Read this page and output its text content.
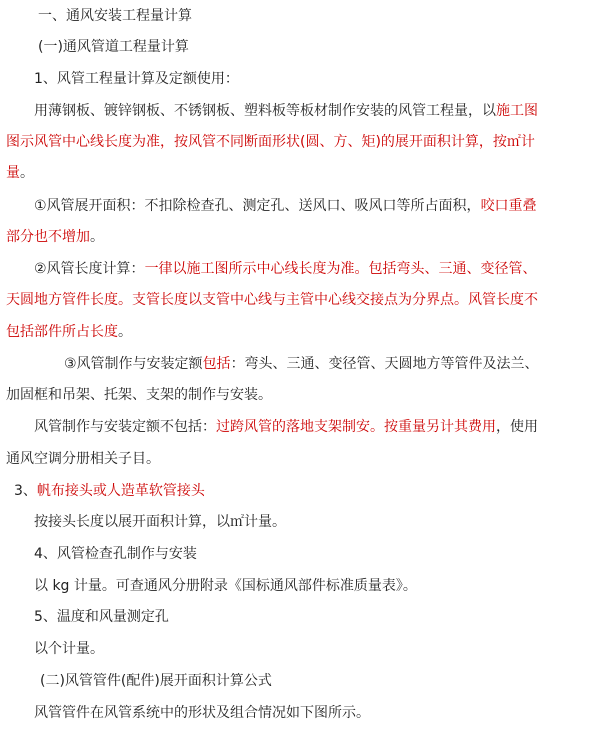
一、通风安装工程量计算
(一)通风管道工程量计算
1、风管工程量计算及定额使用：
用薄钢板、镀锌钢板、不锈钢板、塑料板等板材制作安装的风管工程量，以施工图
图示风管中心线长度为准，按风管不同断面形状(圆、方、矩)的展开面积计算，按㎡计
量。
①风管展开面积：不扣除检查孔、测定孔、送风口、吸风口等所占面积，咬口重叠
部分也不增加。
②风管长度计算：一律以施工图所示中心线长度为准。包括弯头、三通、变径管、
天圆地方管件长度。支管长度以支管中心线与主管中心线交接点为分界点。风管长度不
包括部件所占长度。
③风管制作与安装定额包括：弯头、三通、变径管、天圆地方等管件及法兰、
加固框和吊架、托架、支架的制作与安装。
风管制作与安装定额不包括：过跨风管的落地支架制安。按重量另计其费用，使用
通风空调分册相关子目。
3、帆布接头或人造革软管接头
按接头长度以展开面积计算，以㎡计量。
4、风管检查孔制作与安装
以 kg 计量。可查通风分册附录《国标通风部件标准质量表》。
5、温度和风量测定孔
以个计量。
(二)风管管件(配件)展开面积计算公式
风管管件在风管系统中的形状及组合情况如下图所示。
